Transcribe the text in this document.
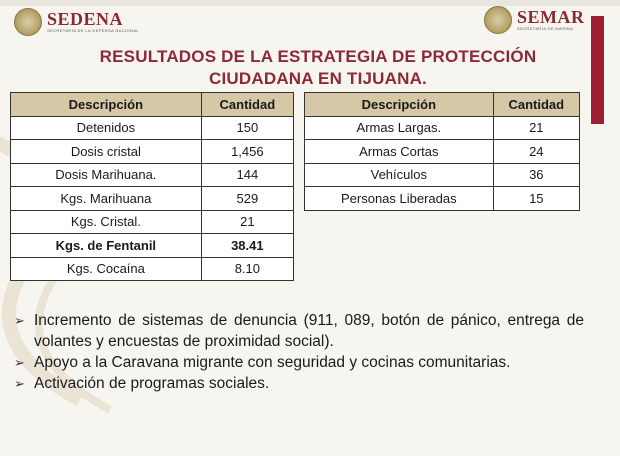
SEDENA
SECRETARÍA DE LA DEFENSA NACIONAL
SEMAR
SECRETARÍA DE MARINA
RESULTADOS DE LA ESTRATEGIA DE PROTECCIÓN
CIUDADANA EN TIJUANA.
Descripción	Cantidad
Detenidos	150
Dosis cristal	1,456
Dosis Marihuana.	144
Kgs. Marihuana	529
Kgs. Cristal.	21
Kgs. de Fentanil	38.41
Kgs. Cocaína	8.10
Descripción	Cantidad
Armas Largas.	21
Armas Cortas	24
Vehículos	36
Personas Liberadas	15
➢ Incremento de sistemas de denuncia (911, 089, botón de pánico, entrega de volantes y encuestas de proximidad social).
➢ Apoyo a la Caravana migrante con seguridad y cocinas comunitarias.
➢ Activación de programas sociales.
